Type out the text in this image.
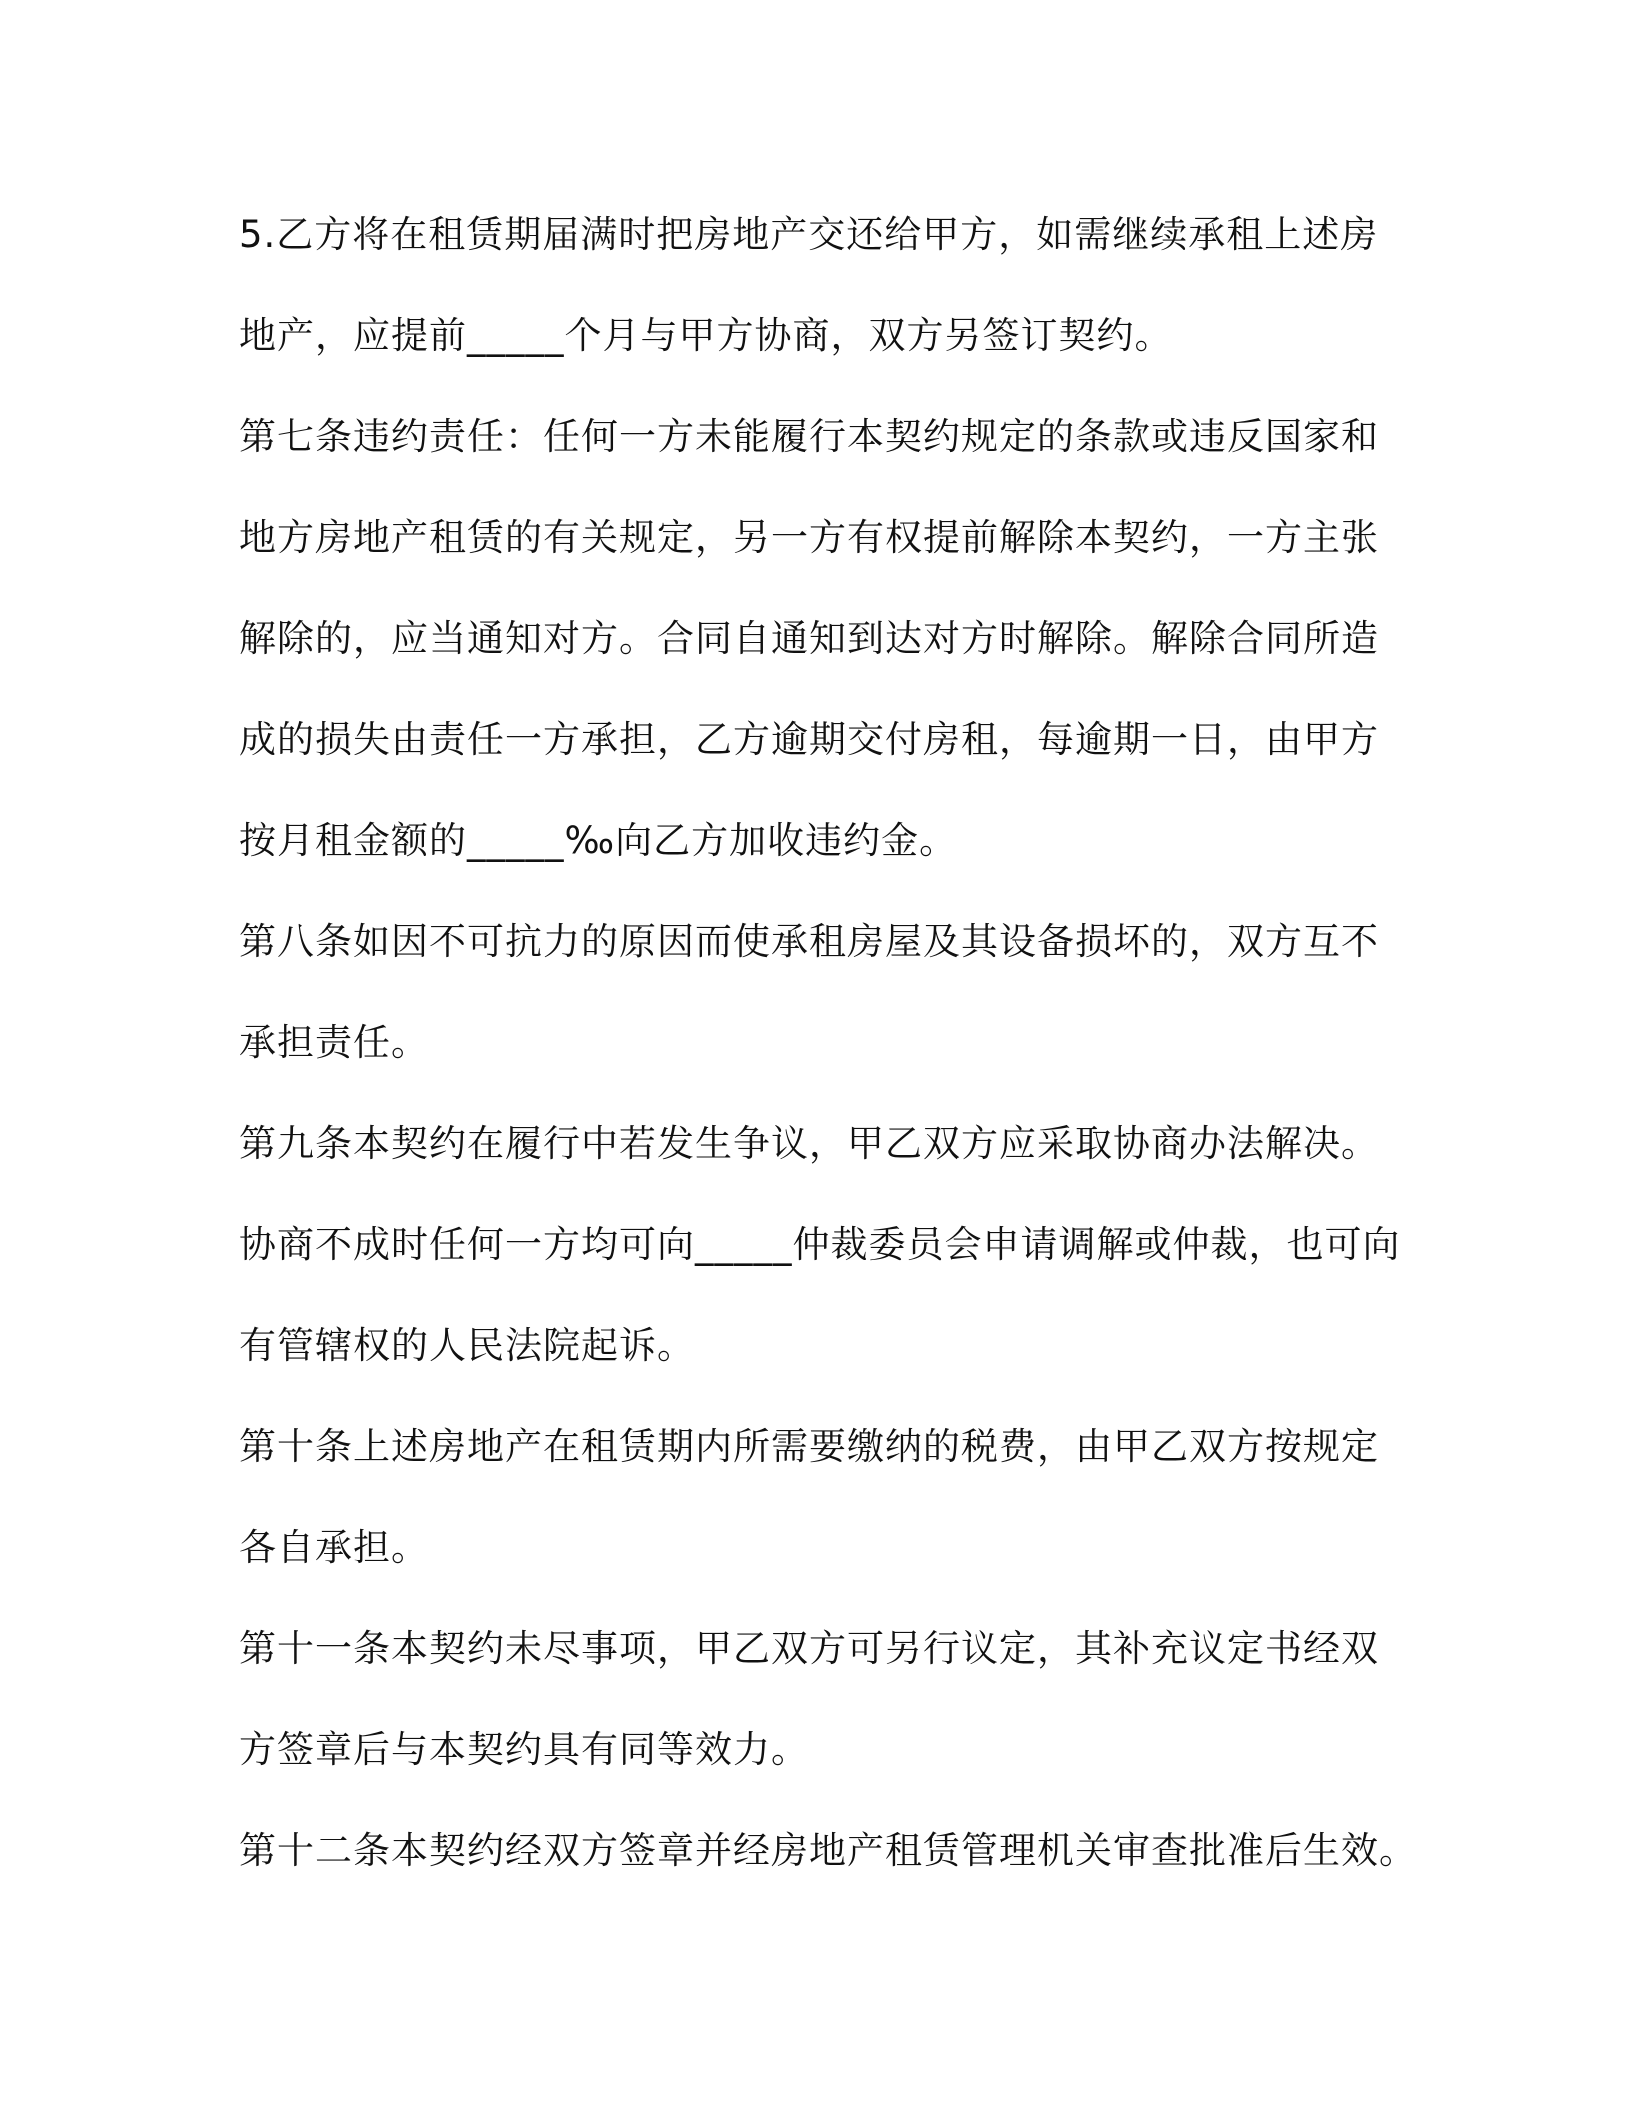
5.乙方将在租赁期届满时把房地产交还给甲方，如需继续承租上述房
地产，应提前_____个月与甲方协商，双方另签订契约。
第七条违约责任：任何一方未能履行本契约规定的条款或违反国家和
地方房地产租赁的有关规定，另一方有权提前解除本契约，一方主张
解除的，应当通知对方。合同自通知到达对方时解除。解除合同所造
成的损失由责任一方承担，乙方逾期交付房租，每逾期一日，由甲方
按月租金额的_____‰向乙方加收违约金。
第八条如因不可抗力的原因而使承租房屋及其设备损坏的，双方互不
承担责任。
第九条本契约在履行中若发生争议，甲乙双方应采取协商办法解决。
协商不成时任何一方均可向_____仲裁委员会申请调解或仲裁，也可向
有管辖权的人民法院起诉。
第十条上述房地产在租赁期内所需要缴纳的税费，由甲乙双方按规定
各自承担。
第十一条本契约未尽事项，甲乙双方可另行议定，其补充议定书经双
方签章后与本契约具有同等效力。
第十二条本契约经双方签章并经房地产租赁管理机关审查批准后生效。
